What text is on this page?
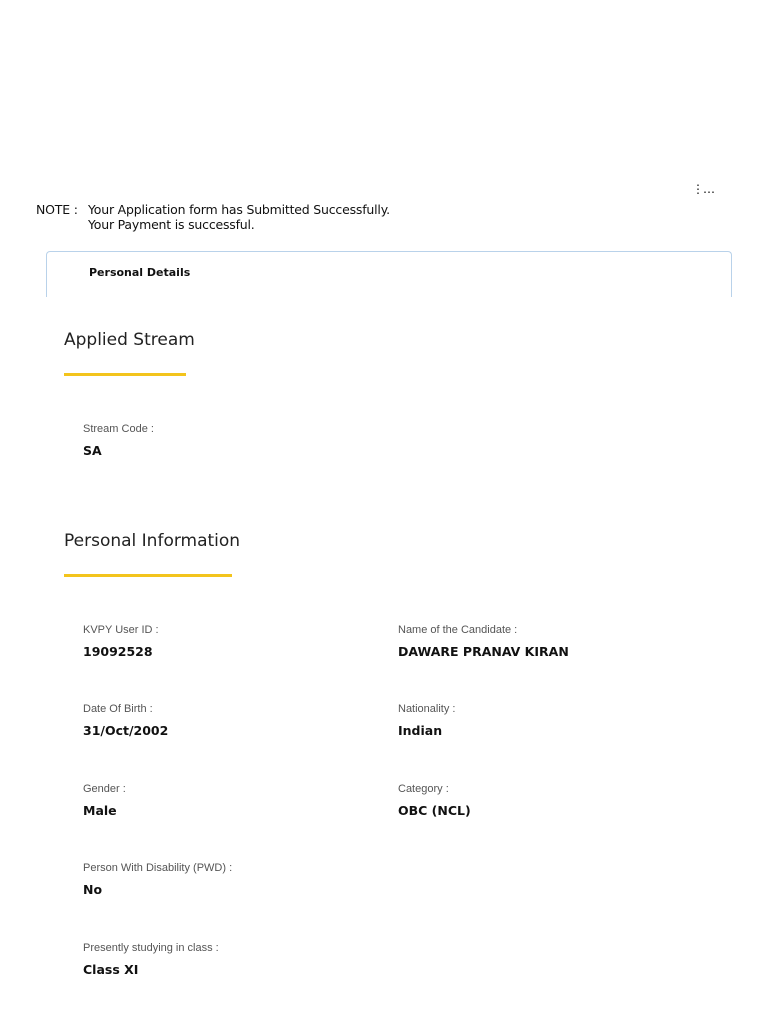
⋮…
NOTE : Your Application form has Submitted Successfully.
Your Payment is successful.
Personal Details
Applied Stream
Stream Code :
SA
Personal Information
KVPY User ID :
19092528
Name of the Candidate :
DAWARE PRANAV KIRAN
Date Of Birth :
31/Oct/2002
Nationality :
Indian
Gender :
Male
Category :
OBC (NCL)
Person With Disability (PWD) :
No
Presently studying in class :
Class XI
